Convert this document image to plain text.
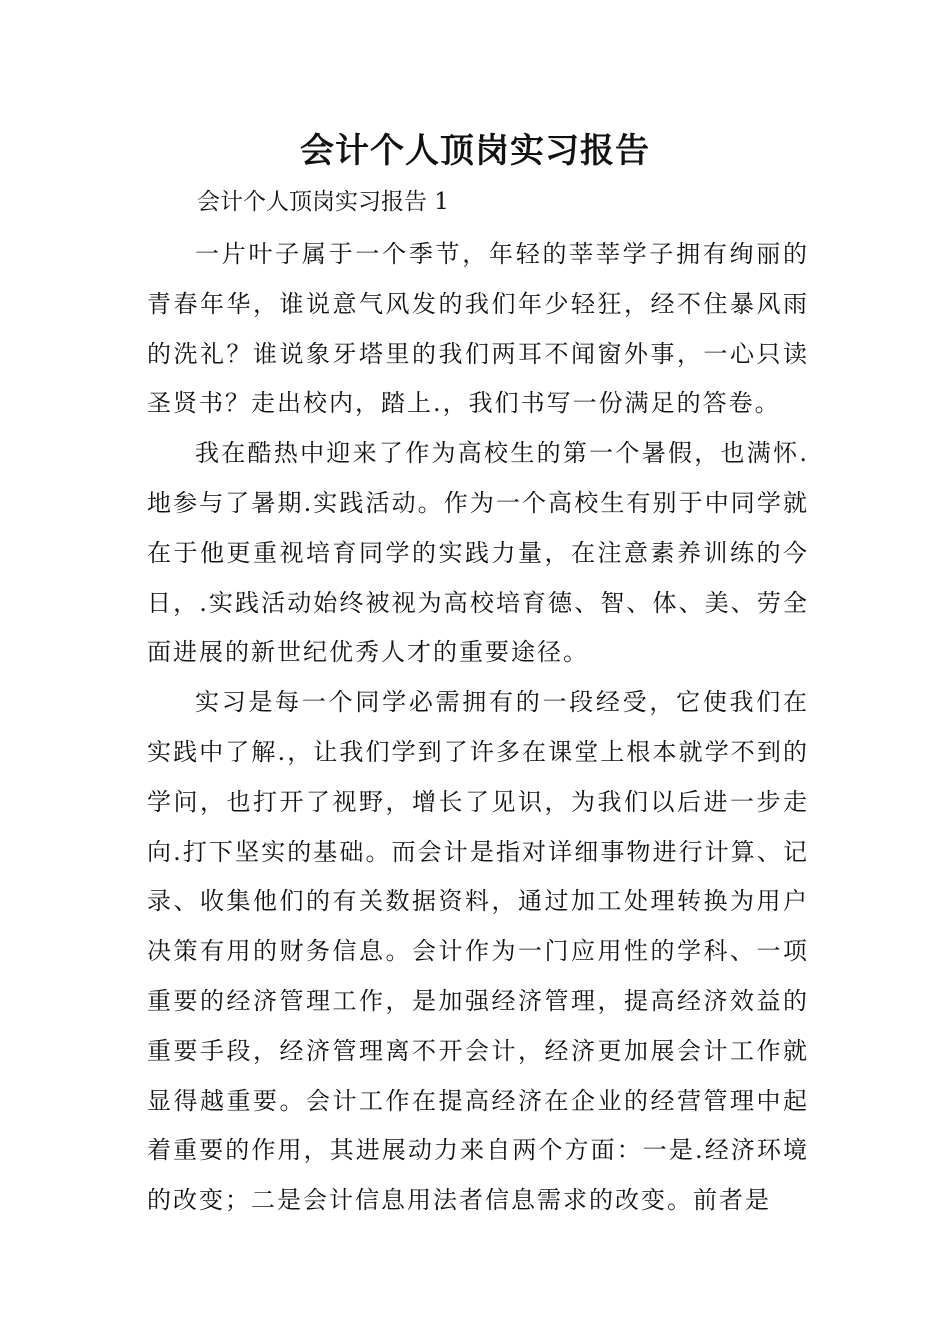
会计个人顶岗实习报告

会计个人顶岗实习报告 1

一片叶子属于一个季节，年轻的莘莘学子拥有绚丽的青春年华，谁说意气风发的我们年少轻狂，经不住暴风雨的洗礼？谁说象牙塔里的我们两耳不闻窗外事，一心只读圣贤书？走出校内，踏上.，我们书写一份满足的答卷。

我在酷热中迎来了作为高校生的第一个暑假，也满怀.地参与了暑期.实践活动。作为一个高校生有别于中同学就在于他更重视培育同学的实践力量，在注意素养训练的今日，.实践活动始终被视为高校培育德、智、体、美、劳全面进展的新世纪优秀人才的重要途径。

实习是每一个同学必需拥有的一段经受，它使我们在实践中了解.，让我们学到了许多在课堂上根本就学不到的学问，也打开了视野，增长了见识，为我们以后进一步走向.打下坚实的基础。而会计是指对详细事物进行计算、记录、收集他们的有关数据资料，通过加工处理转换为用户决策有用的财务信息。会计作为一门应用性的学科、一项重要的经济管理工作，是加强经济管理，提高经济效益的重要手段，经济管理离不开会计，经济更加展会计工作就显得越重要。会计工作在提高经济在企业的经营管理中起着重要的作用，其进展动力来自两个方面：一是.经济环境的改变；二是会计信息用法者信息需求的改变。前者是
